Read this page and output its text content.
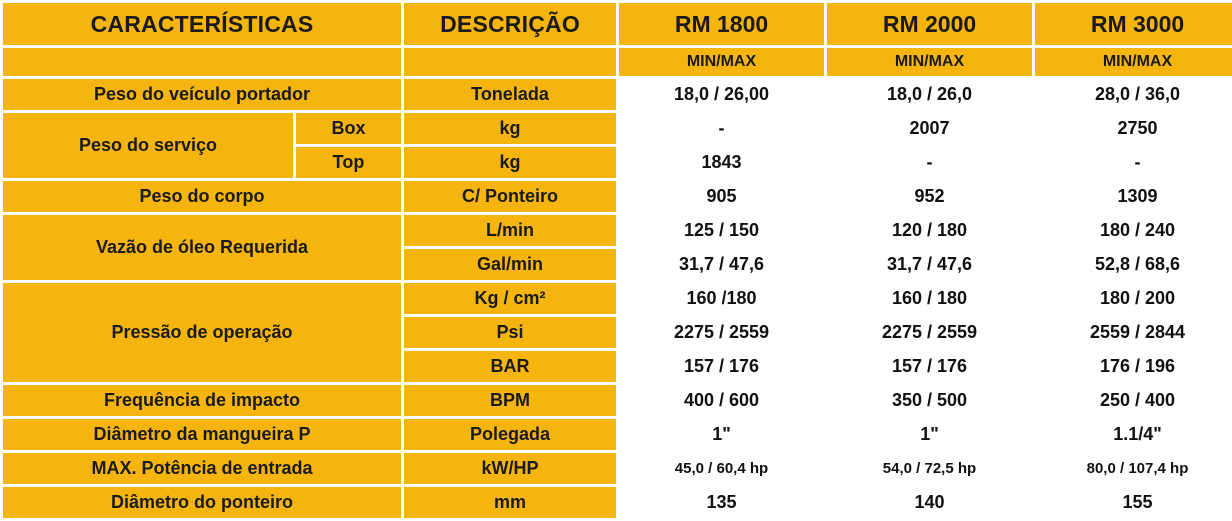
CARACTERÍSTICAS		DESCRIÇÃO	RM 1800	RM 2000	RM 3000
			MIN/MAX	MIN/MAX	MIN/MAX
Peso do veículo portador		Tonelada	18,0 / 26,00	18,0 / 26,0	28,0 / 36,0
Peso do serviço	Box	kg	-	2007	2750
	Top	kg	1843	-	-
Peso do corpo		C/ Ponteiro	905	952	1309
Vazão de óleo Requerida		L/min	125 / 150	120 / 180	180 / 240
		Gal/min	31,7 / 47,6	31,7 / 47,6	52,8 / 68,6
Pressão de operação		Kg / cm²	160 /180	160 / 180	180 / 200
		Psi	2275 / 2559	2275 / 2559	2559 / 2844
		BAR	157 / 176	157 / 176	176 / 196
Frequência de impacto		BPM	400 / 600	350 / 500	250 / 400
Diâmetro da mangueira P		Polegada	1"	1"	1.1/4"
MAX. Potência de entrada		kW/HP	45,0 / 60,4 hp	54,0 / 72,5 hp	80,0 / 107,4 hp
Diâmetro do ponteiro		mm	135	140	155
